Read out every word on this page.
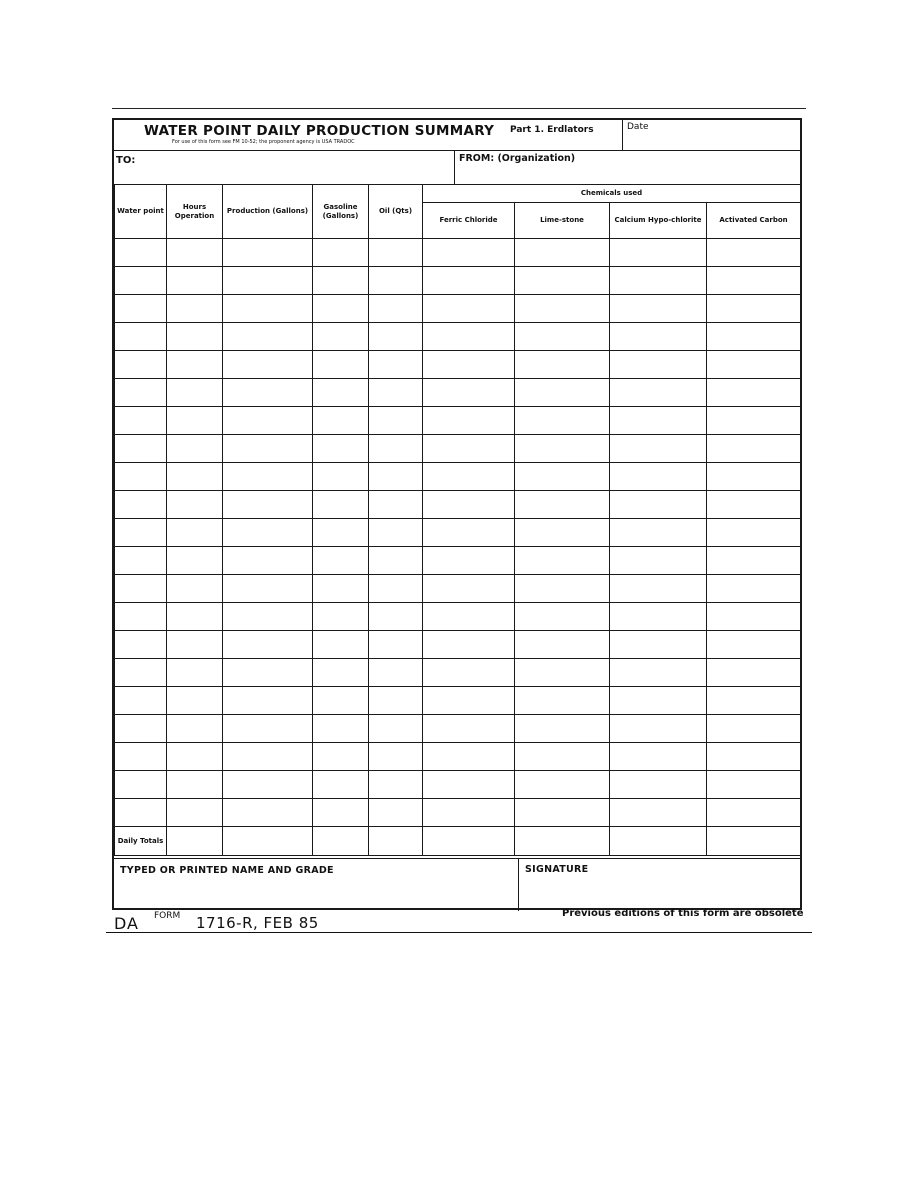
WATER POINT DAILY PRODUCTION SUMMARY
For use of this form see FM 10-52; the proponent agency is USA TRADOC
Part 1. Erdlators	Date
TO:	FROM: (Organization)
Water point	Hours Operation	Production (Gallons)	Gasoline (Gallons)	Oil (Qts)	Chemicals used			
					Ferric Chloride	Lime-stone	Calcium Hypo-chlorite	Activated Carbon

Daily Totals								
TYPED OR PRINTED NAME AND GRADE	SIGNATURE
DA FORM 1716-R, FEB 85
Previous editions of this form are obsolete
